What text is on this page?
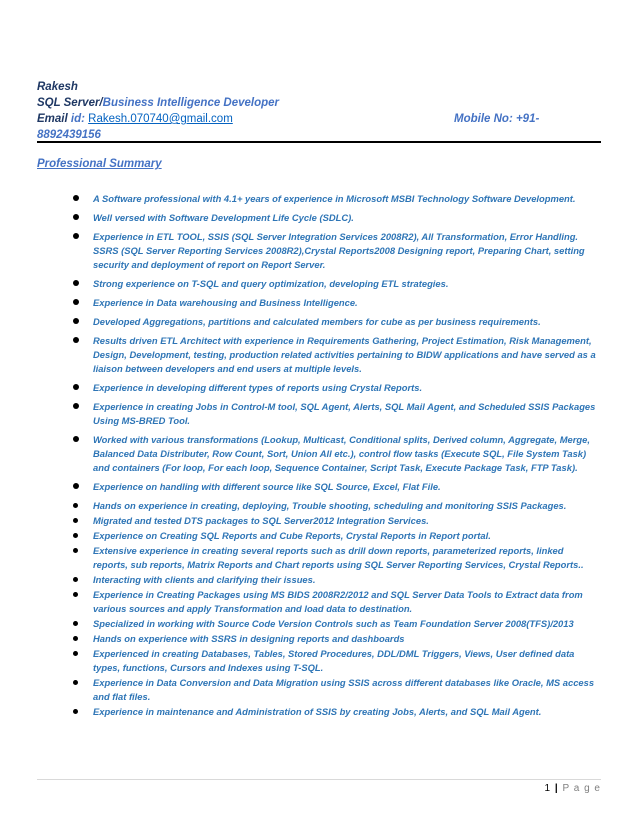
Rakesh
SQL Server/Business Intelligence Developer
Email id: Rakesh.070740@gmail.com	Mobile No: +91-
8892439156
Professional Summary
A Software professional with 4.1+ years of experience in Microsoft MSBI Technology Software Development.
Well versed with Software Development Life Cycle (SDLC).
Experience in ETL TOOL, SSIS (SQL Server Integration Services 2008R2), All Transformation, Error Handling. SSRS (SQL Server Reporting Services 2008R2),Crystal Reports2008 Designing report, Preparing Chart, setting security and deployment of report on Report Server.
Strong experience on T-SQL and query optimization, developing ETL strategies.
Experience in Data warehousing and Business Intelligence.
Developed Aggregations, partitions and calculated members for cube as per business requirements.
Results driven ETL Architect with experience in Requirements Gathering, Project Estimation, Risk Management, Design, Development, testing, production related activities pertaining to BIDW applications and have served as a liaison between developers and end users at multiple levels.
Experience in developing different types of reports using Crystal Reports.
Experience in creating Jobs in Control-M tool, SQL Agent, Alerts, SQL Mail Agent, and Scheduled SSIS Packages Using MS-BRED Tool.
Worked with various transformations (Lookup, Multicast, Conditional splits, Derived column, Aggregate, Merge, Balanced Data Distributer, Row Count, Sort, Union All etc.), control flow tasks (Execute SQL, File System Task) and containers (For loop, For each loop, Sequence Container, Script Task, Execute Package Task, FTP Task).
Experience on handling with different source like SQL Source, Excel, Flat File.
Hands on experience in creating, deploying, Trouble shooting, scheduling and monitoring SSIS Packages.
Migrated and tested DTS packages to SQL Server2012 Integration Services.
Experience on Creating SQL Reports and Cube Reports, Crystal Reports in Report portal.
Extensive experience in creating several reports such as drill down reports, parameterized reports, linked reports, sub reports, Matrix Reports and Chart reports using SQL Server Reporting Services, Crystal Reports..
Interacting with clients and clarifying their issues.
Experience in Creating Packages using MS BIDS 2008R2/2012 and SQL Server Data Tools to Extract data from various sources and apply Transformation and load data to destination.
Specialized in working with Source Code Version Controls such as Team Foundation Server 2008(TFS)/2013
Hands on experience with SSRS in designing reports and dashboards
Experienced in creating Databases, Tables, Stored Procedures, DDL/DML Triggers, Views, User defined data types, functions, Cursors and Indexes using T-SQL.
Experience in Data Conversion and Data Migration using SSIS across different databases like Oracle, MS access and flat files.
Experience in maintenance and Administration of SSIS by creating Jobs, Alerts, and SQL Mail Agent.
1 | P a g e
